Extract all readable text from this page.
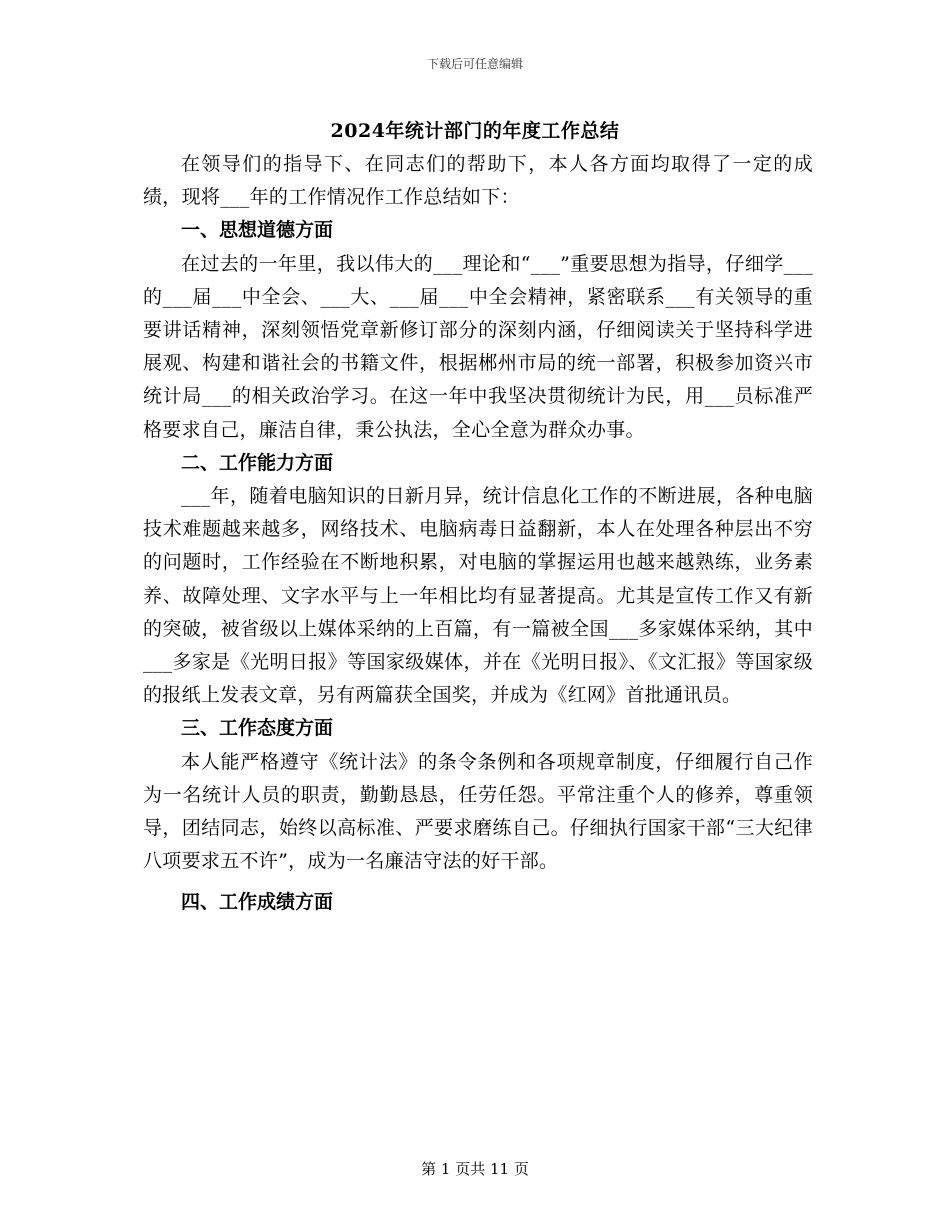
下载后可任意编辑
2024年统计部门的年度工作总结

在领导们的指导下、在同志们的帮助下，本人各方面均取得了一定的成绩，现将___年的工作情况作工作总结如下：

一、思想道德方面

在过去的一年里，我以伟大的___理论和“___”重要思想为指导，仔细学___的___届___中全会、___大、___届___中全会精神，紧密联系___有关领导的重要讲话精神，深刻领悟党章新修订部分的深刻内涵，仔细阅读关于坚持科学进展观、构建和谐社会的书籍文件，根据郴州市局的统一部署，积极参加资兴市统计局___的相关政治学习。在这一年中我坚决贯彻统计为民，用___员标准严格要求自己，廉洁自律，秉公执法，全心全意为群众办事。

二、工作能力方面

___年，随着电脑知识的日新月异，统计信息化工作的不断进展，各种电脑技术难题越来越多，网络技术、电脑病毒日益翻新，本人在处理各种层出不穷的问题时，工作经验在不断地积累，对电脑的掌握运用也越来越熟练，业务素养、故障处理、文字水平与上一年相比均有显著提高。尤其是宣传工作又有新的突破，被省级以上媒体采纳的上百篇，有一篇被全国___多家媒体采纳，其中___多家是《光明日报》等国家级媒体，并在《光明日报》、《文汇报》等国家级的报纸上发表文章，另有两篇获全国奖，并成为《红网》首批通讯员。

三、工作态度方面

本人能严格遵守《统计法》的条令条例和各项规章制度，仔细履行自己作为一名统计人员的职责，勤勤恳恳，任劳任怨。平常注重个人的修养，尊重领导，团结同志，始终以高标准、严要求磨练自己。仔细执行国家干部“三大纪律八项要求五不许”，成为一名廉洁守法的好干部。

四、工作成绩方面
第 1 页共 11 页
